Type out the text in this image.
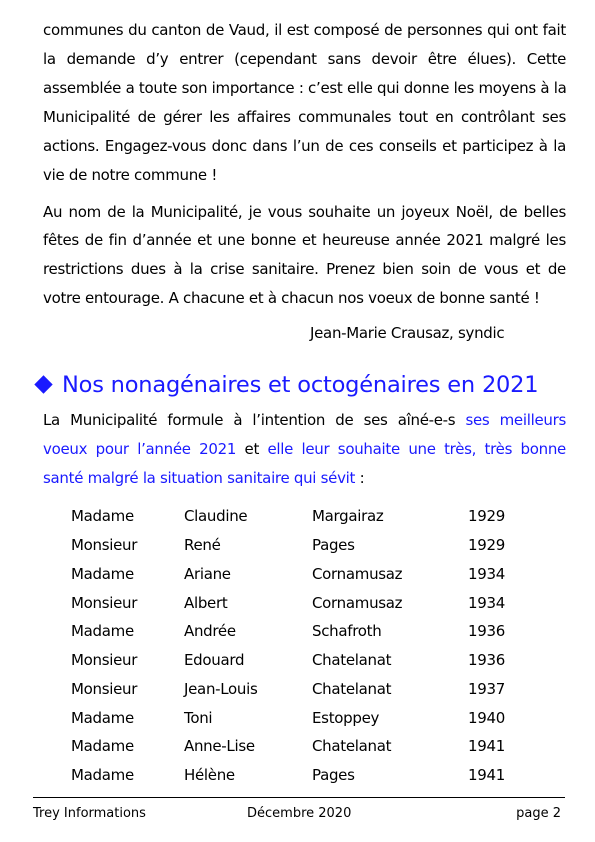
communes du canton de Vaud, il est composé de personnes qui ont fait
la demande d’y entrer (cependant sans devoir être élues). Cette
assemblée a toute son importance : c’est elle qui donne les moyens à la
Municipalité de gérer les affaires communales tout en contrôlant ses
actions. Engagez-vous donc dans l’un de ces conseils et participez à la
vie de notre commune !
Au nom de la Municipalité, je vous souhaite un joyeux Noël, de belles
fêtes de fin d’année et une bonne et heureuse année 2021 malgré les
restrictions dues à la crise sanitaire. Prenez bien soin de vous et de
votre entourage. A chacune et à chacun nos voeux de bonne santé !
Jean-Marie Crausaz, syndic
Nos nonagénaires et octogénaires en 2021
La Municipalité formule à l’intention de ses aîné-e-s ses meilleurs
voeux pour l’année 2021 et elle leur souhaite une très, très bonne
santé malgré la situation sanitaire qui sévit :
Madame	Claudine	Margairaz	1929
Monsieur	René	Pages	1929
Madame	Ariane	Cornamusaz	1934
Monsieur	Albert	Cornamusaz	1934
Madame	Andrée	Schafroth	1936
Monsieur	Edouard	Chatelanat	1936
Monsieur	Jean-Louis	Chatelanat	1937
Madame	Toni	Estoppey	1940
Madame	Anne-Lise	Chatelanat	1941
Madame	Hélène	Pages	1941
Trey Informations	Décembre 2020	page 2
